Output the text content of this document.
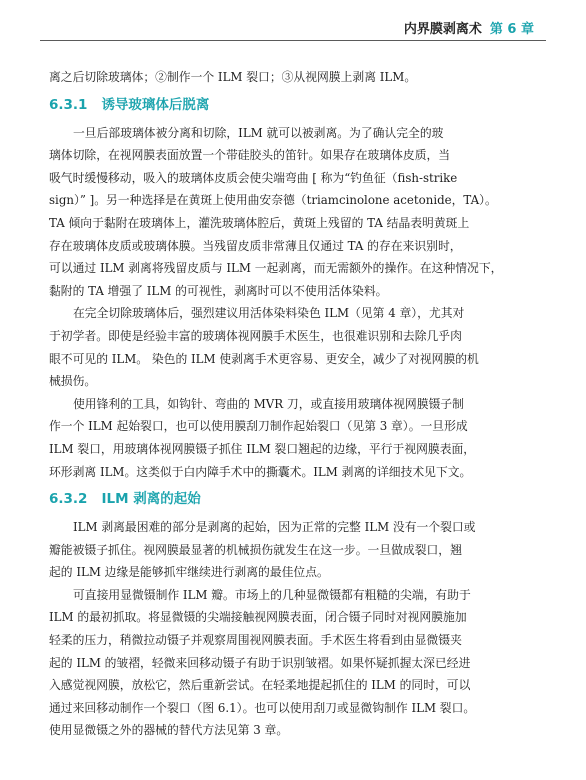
内界膜剥离术 第 6 章

离之后切除玻璃体；②制作一个 ILM 裂口；③从视网膜上剥离 ILM。

6.3.1 诱导玻璃体后脱离

一旦后部玻璃体被分离和切除，ILM 就可以被剥离。为了确认完全的玻
璃体切除，在视网膜表面放置一个带硅胶头的笛针。如果存在玻璃体皮质，当
吸气时缓慢移动，吸入的玻璃体皮质会使尖端弯曲 [ 称为“钓鱼征（fish-strike
sign）” ]。另一种选择是在黄斑上使用曲安奈德（triamcinolone acetonide，TA）。
TA 倾向于黏附在玻璃体上，灌洗玻璃体腔后，黄斑上残留的 TA 结晶表明黄斑上
存在玻璃体皮质或玻璃体膜。当残留皮质非常薄且仅通过 TA 的存在来识别时，
可以通过 ILM 剥离将残留皮质与 ILM 一起剥离，而无需额外的操作。在这种情况下，
黏附的 TA 增强了 ILM 的可视性，剥离时可以不使用活体染料。

在完全切除玻璃体后，强烈建议用活体染料染色 ILM（见第 4 章），尤其对
于初学者。即使是经验丰富的玻璃体视网膜手术医生，也很难识别和去除几乎肉
眼不可见的 ILM。 染色的 ILM 使剥离手术更容易、更安全，减少了对视网膜的机
械损伤。

使用锋利的工具，如钩针、弯曲的 MVR 刀，或直接用玻璃体视网膜镊子制
作一个 ILM 起始裂口，也可以使用膜刮刀制作起始裂口（见第 3 章）。一旦形成
ILM 裂口，用玻璃体视网膜镊子抓住 ILM 裂口翘起的边缘，平行于视网膜表面，
环形剥离 ILM。这类似于白内障手术中的撕囊术。ILM 剥离的详细技术见下文。

6.3.2 ILM 剥离的起始

ILM 剥离最困难的部分是剥离的起始，因为正常的完整 ILM 没有一个裂口或
瓣能被镊子抓住。视网膜最显著的机械损伤就发生在这一步。一旦做成裂口，翘
起的 ILM 边缘是能够抓牢继续进行剥离的最佳位点。

可直接用显微镊制作 ILM 瓣。市场上的几种显微镊都有粗糙的尖端，有助于
ILM 的最初抓取。将显微镊的尖端接触视网膜表面，闭合镊子同时对视网膜施加
轻柔的压力，稍微拉动镊子并观察周围视网膜表面。手术医生将看到由显微镊夹
起的 ILM 的皱褶，轻微来回移动镊子有助于识别皱褶。如果怀疑抓握太深已经进
入感觉视网膜，放松它，然后重新尝试。在轻柔地提起抓住的 ILM 的同时，可以
通过来回移动制作一个裂口（图 6.1）。也可以使用刮刀或显微钩制作 ILM 裂口。
使用显微镊之外的器械的替代方法见第 3 章。
